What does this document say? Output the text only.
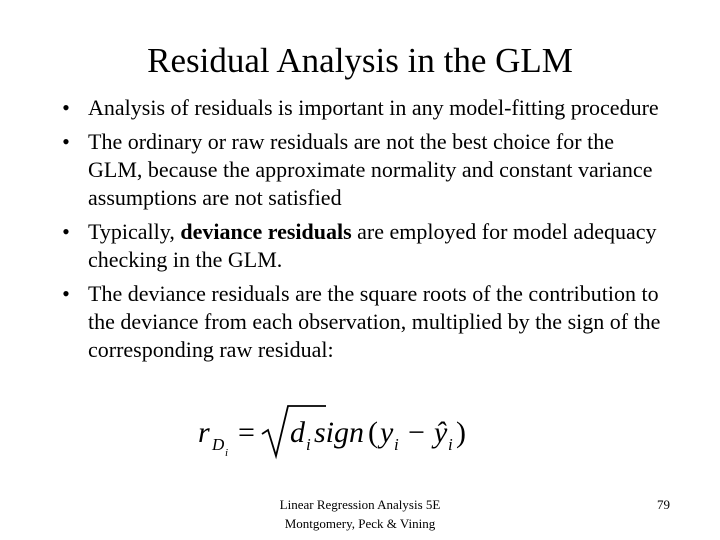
Residual Analysis in the GLM
• Analysis of residuals is important in any model-fitting procedure
• The ordinary or raw residuals are not the best choice for the GLM, because the approximate normality and constant variance assumptions are not satisfied
• Typically, deviance residuals are employed for model adequacy checking in the GLM.
• The deviance residuals are the square roots of the contribution to the deviance from each observation, multiplied by the sign of the corresponding raw residual:
r D i
= d i sign ( y i − ŷ i )
Linear Regression Analysis 5E
Montgomery, Peck & Vining
79
